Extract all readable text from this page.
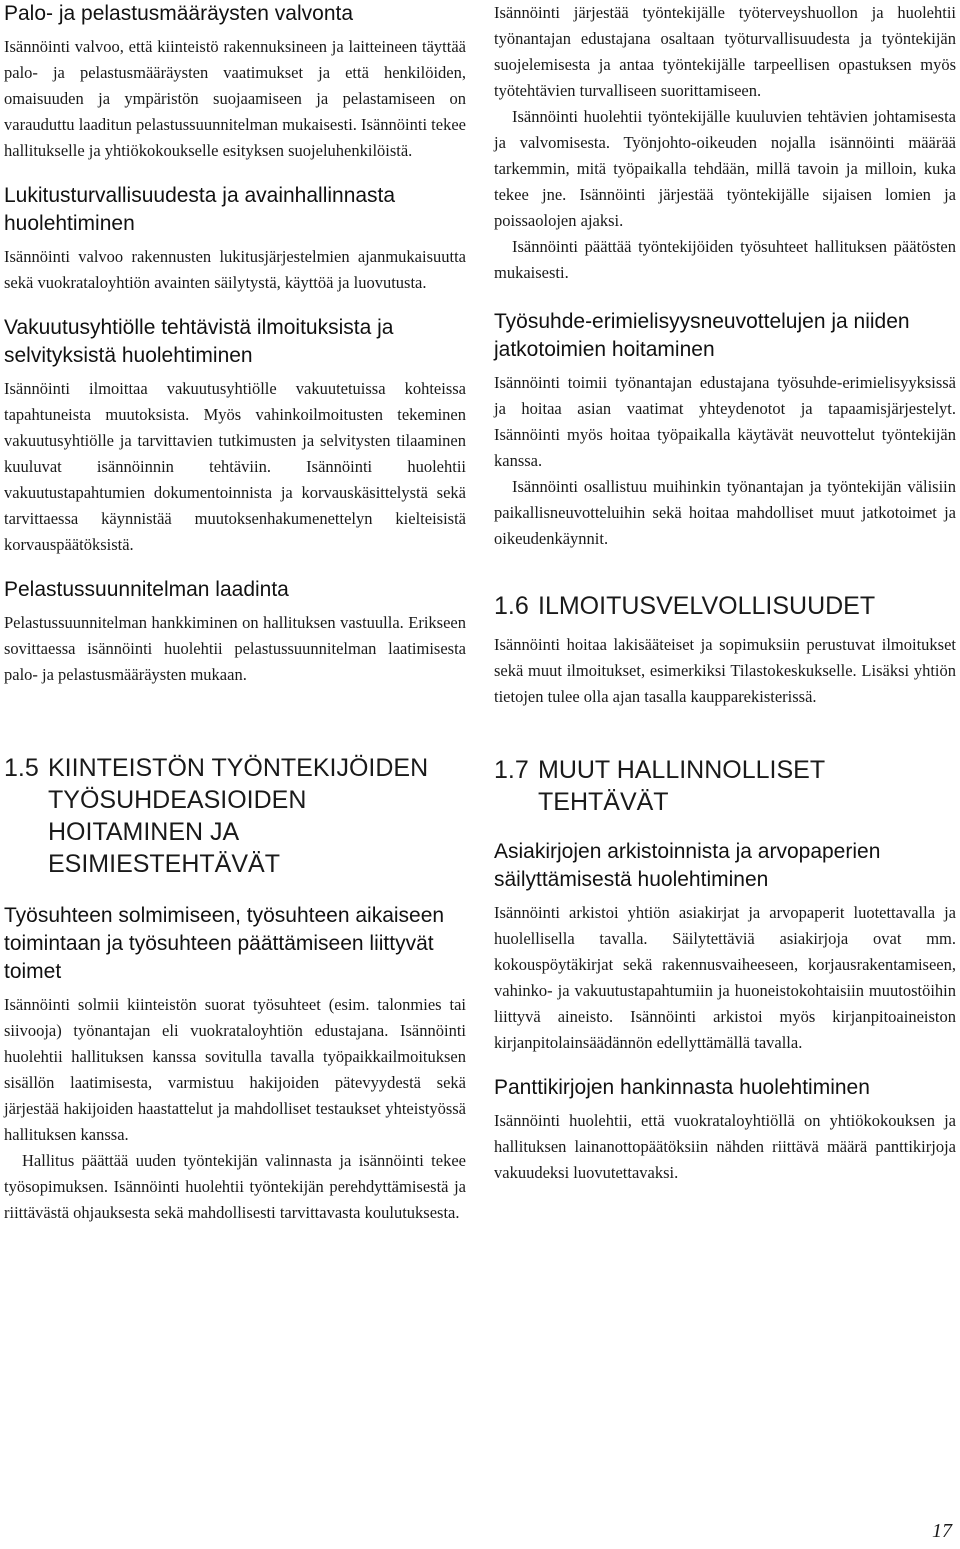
Palo- ja pelastusmääräysten valvonta

Isännöinti valvoo, että kiinteistö rakennuksineen ja laitteineen täyttää palo- ja pelastusmääräysten vaatimukset ja että henkilöiden, omaisuuden ja ympäristön suojaamiseen ja pelastamiseen on varauduttu laaditun pelastussuunnitelman mukaisesti. Isännöinti tekee hallitukselle ja yhtiökokoukselle esityksen suojeluhenkilöistä.

Lukitusturvallisuudesta ja avainhallinnasta huolehtiminen

Isännöinti valvoo rakennusten lukitusjärjestelmien ajanmukaisuutta sekä vuokrataloyhtiön avainten säilytystä, käyttöä ja luovutusta.

Vakuutusyhtiölle tehtävistä ilmoituksista ja selvityksistä huolehtiminen

Isännöinti ilmoittaa vakuutusyhtiölle vakuutetuissa kohteissa tapahtuneista muutoksista. Myös vahinkoilmoitusten tekeminen vakuutusyhtiölle ja tarvittavien tutkimusten ja selvitysten tilaaminen kuuluvat isännöinnin tehtäviin. Isännöinti huolehtii vakuutustapahtumien dokumentoinnista ja korvauskäsittelystä sekä tarvittaessa käynnistää muutoksenhakumenettelyn kielteisistä korvauspäätöksistä.

Pelastussuunnitelman laadinta

Pelastussuunnitelman hankkiminen on hallituksen vastuulla. Erikseen sovittaessa isännöinti huolehtii pelastussuunnitelman laatimisesta palo- ja pelastusmääräysten mukaan.

1.5 KIINTEISTÖN TYÖNTEKIJÖIDEN TYÖSUHDEASIOIDEN HOITAMINEN JA ESIMIESTEHTÄVÄT
Työsuhteen solmimiseen, työsuhteen aikaiseen toimintaan ja työsuhteen päättämiseen liittyvät toimet

Isännöinti solmii kiinteistön suorat työsuhteet (esim. talonmies tai siivooja) työnantajan eli vuokrataloyhtiön edustajana. Isännöinti huolehtii hallituksen kanssa sovitulla tavalla työpaikkailmoituksen sisällön laatimisesta, varmistuu hakijoiden pätevyydestä sekä järjestää hakijoiden haastattelut ja mahdolliset testaukset yhteistyössä hallituksen kanssa.

Hallitus päättää uuden työntekijän valinnasta ja isännöinti tekee työsopimuksen. Isännöinti huolehtii työntekijän perehdyttämisestä ja riittävästä ohjauksesta sekä mahdollisesti tarvittavasta koulutuksesta.

Isännöinti järjestää työntekijälle työterveyshuollon ja huolehtii työnantajan edustajana osaltaan työturvallisuudesta ja työntekijän suojelemisesta ja antaa työntekijälle tarpeellisen opastuksen myös työtehtävien turvalliseen suorittamiseen.

Isännöinti huolehtii työntekijälle kuuluvien tehtävien johtamisesta ja valvomisesta. Työnjohto-oikeuden nojalla isännöinti määrää tarkemmin, mitä työpaikalla tehdään, millä tavoin ja milloin, kuka tekee jne. Isännöinti järjestää työntekijälle sijaisen lomien ja poissaolojen ajaksi.

Isännöinti päättää työntekijöiden työsuhteet hallituksen päätösten mukaisesti.

Työsuhde-erimielisyysneuvottelujen ja niiden jatkotoimien hoitaminen

Isännöinti toimii työnantajan edustajana työsuhde-erimielisyyksissä ja hoitaa asian vaatimat yhteydenotot ja tapaamisjärjestelyt. Isännöinti myös hoitaa työpaikalla käytävät neuvottelut työntekijän kanssa.

Isännöinti osallistuu muihinkin työnantajan ja työntekijän välisiin paikallisneuvotteluihin sekä hoitaa mahdolliset muut jatkotoimet ja oikeudenkäynnit.

1.6 ILMOITUSVELVOLLISUUDET

Isännöinti hoitaa lakisääteiset ja sopimuksiin perustuvat ilmoitukset sekä muut ilmoitukset, esimerkiksi Tilastokeskukselle. Lisäksi yhtiön tietojen tulee olla ajan tasalla kaupparekisterissä.

1.7 MUUT HALLINNOLLISET TEHTÄVÄT
Asiakirjojen arkistoinnista ja arvopaperien säilyttämisestä huolehtiminen

Isännöinti arkistoi yhtiön asiakirjat ja arvopaperit luotettavalla ja huolellisella tavalla. Säilytettäviä asiakirjoja ovat mm. kokouspöytäkirjat sekä rakennusvaiheeseen, korjausrakentamiseen, vahinko- ja vakuutustapahtumiin ja huoneistokohtaisiin muutostöihin liittyvä aineisto. Isännöinti arkistoi myös kirjanpitoaineiston kirjanpitolainsäädännön edellyttämällä tavalla.

Panttikirjojen hankinnasta huolehtiminen

Isännöinti huolehtii, että vuokrataloyhtiöllä on yhtiökokouksen ja hallituksen lainanottopäätöksiin nähden riittävä määrä panttikirjoja vakuudeksi luovutettavaksi.

17
